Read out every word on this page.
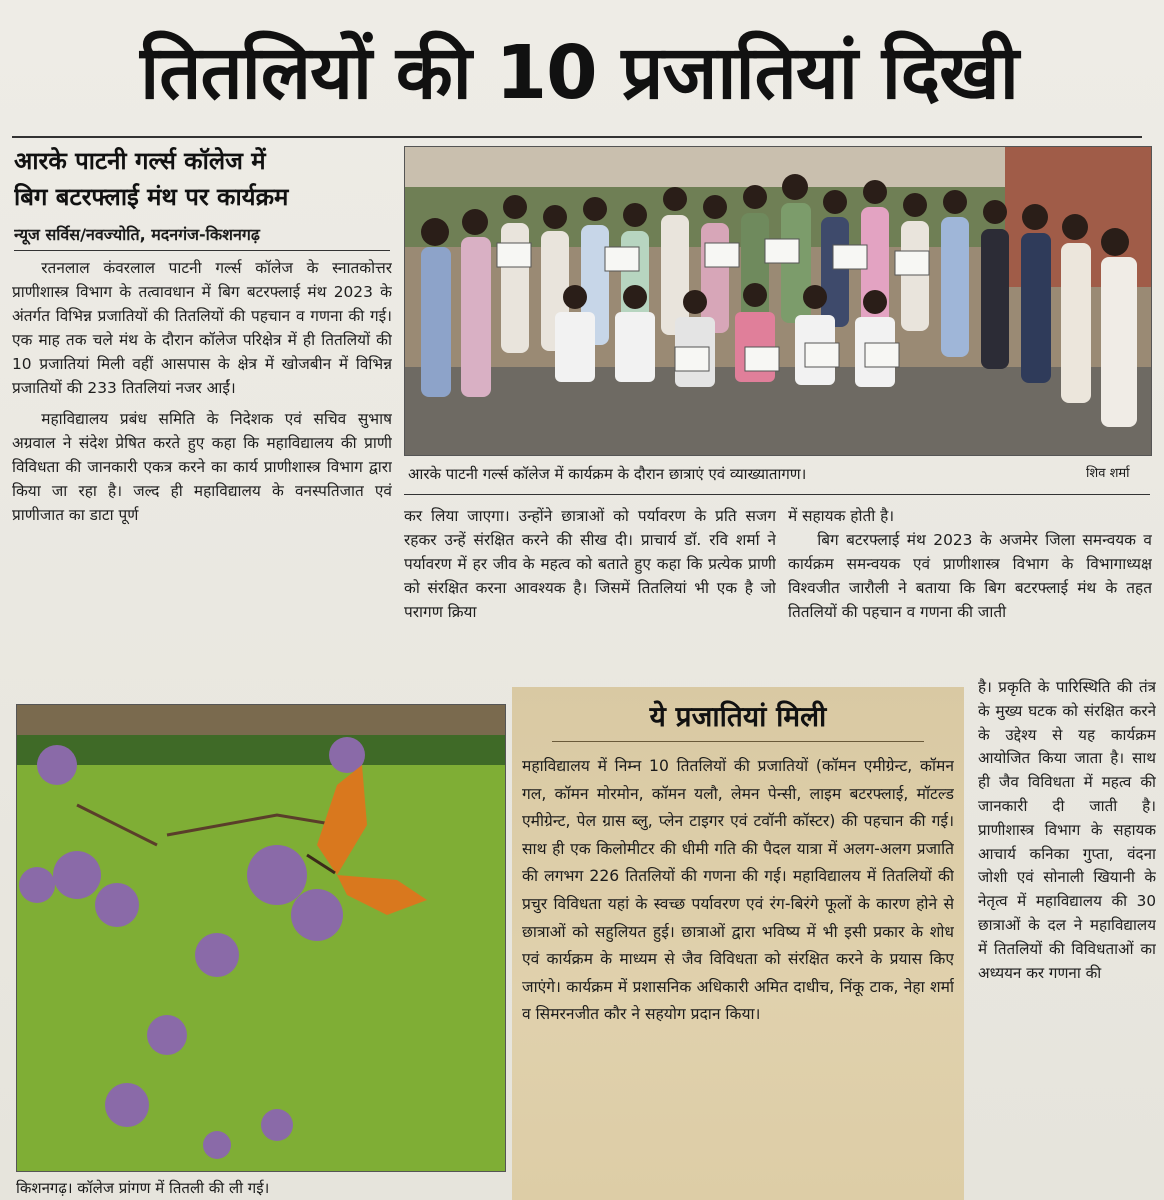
तितलियों की 10 प्रजातियां दिखी
आरके पाटनी गर्ल्स कॉलेज में
बिग बटरफ्लाई मंथ पर कार्यक्रम
न्यूज सर्विस/नवज्योति, मदनगंज-किशनगढ़

रतनलाल कंवरलाल पाटनी गर्ल्स कॉलेज के स्नातकोत्तर प्राणीशास्त्र विभाग के तत्वावधान में बिग बटरफ्लाई मंथ 2023 के अंतर्गत विभिन्न प्रजातियों की तितलियों की पहचान व गणना की गई। एक माह तक चले मंथ के दौरान कॉलेज परिक्षेत्र में ही तितलियों की 10 प्रजातियां मिली वहीं आसपास के क्षेत्र में खोजबीन में विभिन्न प्रजातियों की 233 तितलियां नजर आईं।

महाविद्यालय प्रबंध समिति के निदेशक एवं सचिव सुभाष अग्रवाल ने संदेश प्रेषित करते हुए कहा कि महाविद्यालय की प्राणी विविधता की जानकारी एकत्र करने का कार्य प्राणीशास्त्र विभाग द्वारा किया जा रहा है। जल्द ही महाविद्यालय के वनस्पतिजात एवं प्राणीजात का डाटा पूर्ण

आरके पाटनी गर्ल्स कॉलेज में कार्यक्रम के दौरान छात्राएं एवं व्याख्यातागण।	शिव शर्मा

कर लिया जाएगा। उन्होंने छात्राओं को पर्यावरण के प्रति सजग रहकर उन्हें संरक्षित करने की सीख दी। प्राचार्य डॉ. रवि शर्मा ने पर्यावरण में हर जीव के महत्व को बताते हुए कहा कि प्रत्येक प्राणी को संरक्षित करना आवश्यक है। जिसमें तितलियां भी एक है जो परागण क्रिया

में सहायक होती है।

बिग बटरफ्लाई मंथ 2023 के अजमेर जिला समन्वयक व कार्यक्रम समन्वयक एवं प्राणीशास्त्र विभाग के विभागाध्यक्ष विश्वजीत जारौली ने बताया कि बिग बटरफ्लाई मंथ के तहत तितलियों की पहचान व गणना की जाती

किशनगढ़। कॉलेज प्रांगण में तितली की ली गई।
ये प्रजातियां मिली

महाविद्यालय में निम्न 10 तितलियों की प्रजातियों (कॉमन एमीग्रेन्ट, कॉमन गल, कॉमन मोरमोन, कॉमन यलौ, लेमन पेन्सी, लाइम बटरफ्लाई, मॉटल्ड एमीग्रेन्ट, पेल ग्रास ब्लु, प्लेन टाइगर एवं टवॉनी कॉस्टर) की पहचान की गई। साथ ही एक किलोमीटर की धीमी गति की पैदल यात्रा में अलग-अलग प्रजाति की लगभग 226 तितलियों की गणना की गई। महाविद्यालय में तितलियों की प्रचुर विविधता यहां के स्वच्छ पर्यावरण एवं रंग-बिरंगे फूलों के कारण होने से छात्राओं को सहुलियत हुई। छात्राओं द्वारा भविष्य में भी इसी प्रकार के शोध एवं कार्यक्रम के माध्यम से जैव विविधता को संरक्षित करने के प्रयास किए जाएंगे। कार्यक्रम में प्रशासनिक अधिकारी अमित दाधीच, निंकू टाक, नेहा शर्मा व सिमरनजीत कौर ने सहयोग प्रदान किया।

है। प्रकृति के पारिस्थिति की तंत्र के मुख्य घटक को संरक्षित करने के उद्देश्य से यह कार्यक्रम आयोजित किया जाता है। साथ ही जैव विविधता में महत्व की जानकारी दी जाती है। प्राणीशास्त्र विभाग के सहायक आचार्य कनिका गुप्ता, वंदना जोशी एवं सोनाली खियानी के नेतृत्व में महाविद्यालय की 30 छात्राओं के दल ने महाविद्यालय में तितलियों की विविधताओं का अध्ययन कर गणना की
